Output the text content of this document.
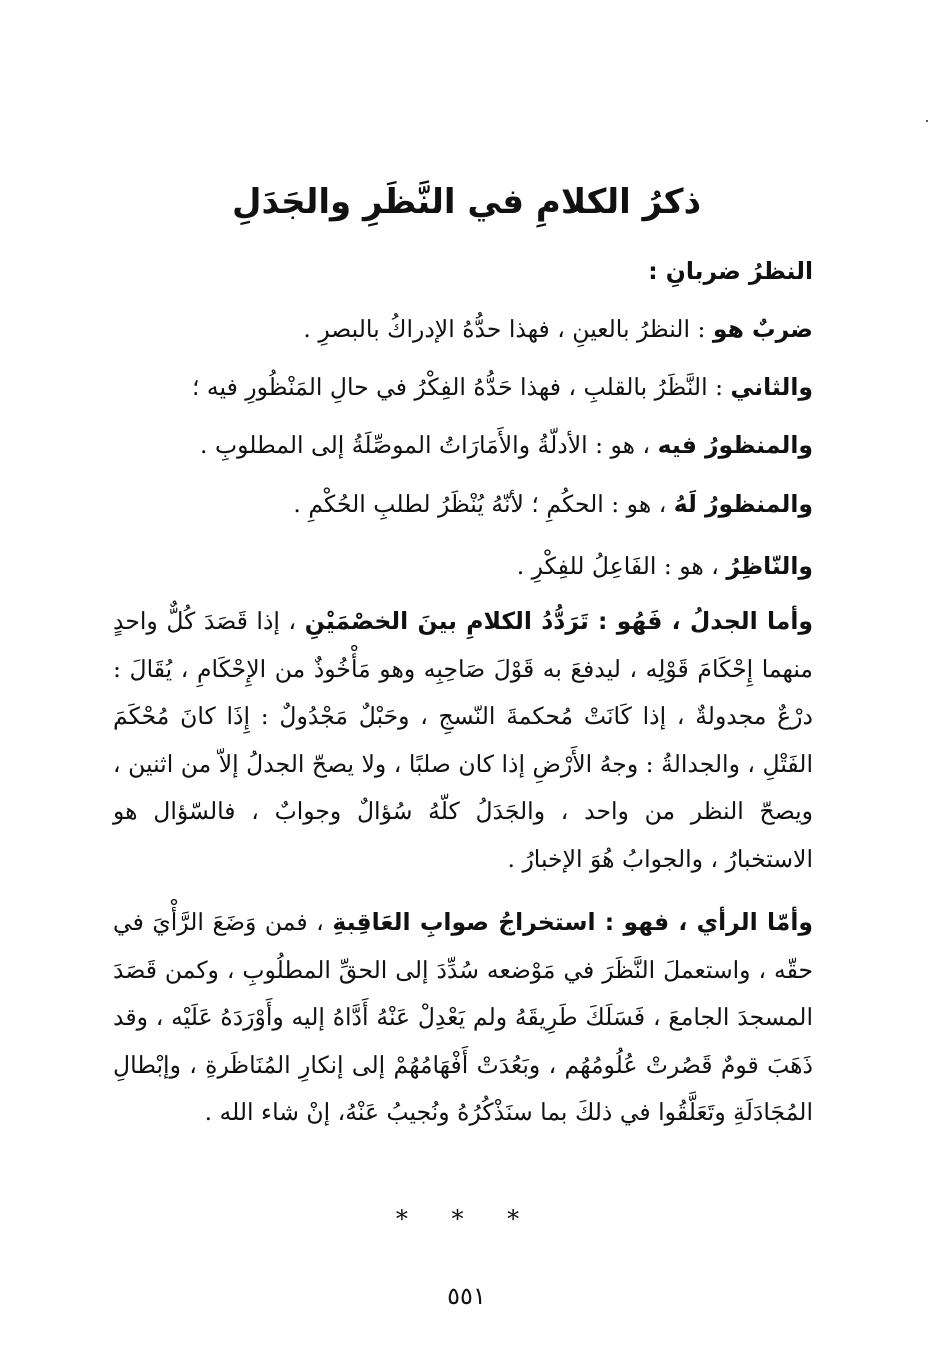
ذكرُ الكلامِ في النَّظَرِ والجَدَلِ
النظرُ ضربانِ :
ضربٌ هو : النظرُ بالعينِ ، فهذا حدُّهُ الإدراكُ بالبصرِ .
والثاني : النَّظَرُ بالقلبِ ، فهذا حَدُّهُ الفِكْرُ في حالِ المَنْظُورِ فيه ؛
والمنظورُ فيه ، هو : الأدلّةُ والأَمَارَاتُ الموصِّلَةُ إلى المطلوبِ .
والمنظورُ لَهُ ، هو : الحكُمِ ؛ لأنّهُ يُنْظَرُ لطلبِ الحُكْمِ .
والنّاظِرُ ، هو : الفَاعِلُ للفِكْرِ .

وأما الجدلُ ، فَهُو : تَرَدُّدُ الكلامِ بينَ الخصْمَيْنِ ، إذا قَصَدَ كُلٌّ واحدٍ منهما إِحْكَامَ قَوْلِه ، ليدفعَ به قَوْلَ صَاحِبِه وهو مَأْخُوذٌ من الإِحْكَامِ ، يُقَالَ : درْعٌ مجدولةٌ ، إذا كَانَتْ مُحكمةَ النّسجِ ، وحَبْلٌ مَجْدُولٌ : إِذَا كانَ مُحْكَمَ الفَتْلِ ، والجدالةُ : وجهُ الأَرْضِ إذا كان صلبًا ، ولا يصحّ الجدلُ إلاّ من اثنين ، ويصحّ النظر من واحد ، والجَدَلُ كلّهُ سُؤالٌ وجوابٌ ، فالسّؤال هو الاستخبارُ ، والجوابُ هُوَ الإخبارُ .

وأمّا الرأي ، فهو : استخراجُ صوابِ العَاقِبةِ ، فمن وَضَعَ الرَّأْيَ في حقّه ، واستعملَ النَّظَرَ في مَوْضعه سُدِّدَ إلى الحقِّ المطلُوبِ ، وكمن قَصَدَ المسجدَ الجامعَ ، فَسَلَكَ طَرِيقَهُ ولم يَعْدِلْ عَنْهُ أَدَّاهُ إليه وأَوْرَدَهُ عَلَيْه ، وقد ذَهَبَ قومٌ قَصُرتْ عُلُومُهُم ، وبَعُدَتْ أَفْهَامُهُمْ إلى إنكارِ المُنَاظَرةِ ، وإبْطالِ المُجَادَلَةِ وتَعَلَّقُوا في ذلكَ بما سنَذْكُرُهُ ونُجيبُ عَنْهُ، إنْ شاء الله .

* * *
٥٥١
